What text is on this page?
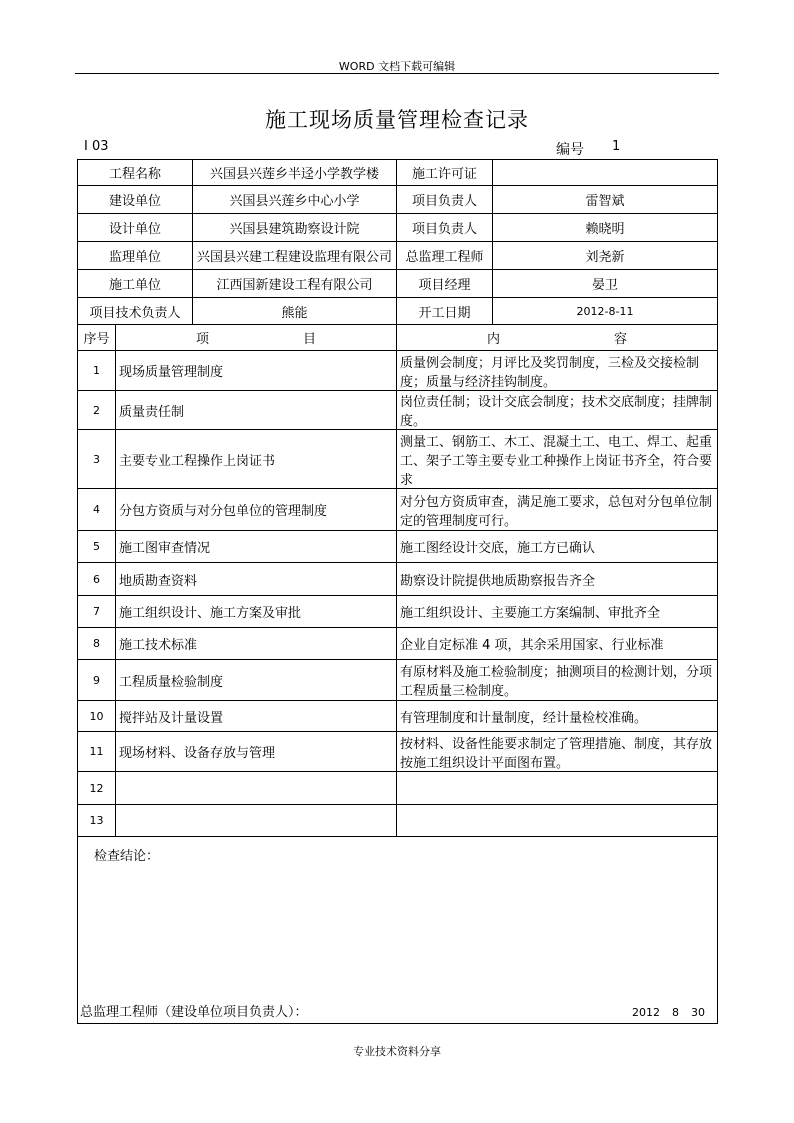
WORD 文档下载可编辑
施工现场质量管理检查记录
I 03	编号 1
工程名称		兴国县兴莲乡半迳小学教学楼	施工许可证	
建设单位		兴国县兴莲乡中心小学	项目负责人	雷智斌
设计单位		兴国县建筑勘察设计院	项目负责人	赖晓明
监理单位		兴国县兴建工程建设监理有限公司	总监理工程师	刘尧新
施工单位		江西国新建设工程有限公司	项目经理	晏卫
项目技术负责人		熊能	开工日期	2012-8-11
序号	项 目		内 容	

1	现场质量管理制度		质量例会制度；月评比及奖罚制度，三检及交接检制度；质量与经济挂钩制度。	
2	质量责任制		岗位责任制；设计交底会制度；技术交底制度；挂牌制度。	
3	主要专业工程操作上岗证书		测量工、钢筋工、木工、混凝土工、电工、焊工、起重工、架子工等主要专业工种操作上岗证书齐全，符合要求	
4	分包方资质与对分包单位的管理制度		对分包方资质审查，满足施工要求，总包对分包单位制定的管理制度可行。	
5	施工图审查情况		施工图经设计交底，施工方已确认	
6	地质勘查资料		勘察设计院提供地质勘察报告齐全	
7	施工组织设计、施工方案及审批		施工组织设计、主要施工方案编制、审批齐全	
8	施工技术标准		企业自定标准 4 项，其余采用国家、行业标准	
9	工程质量检验制度		有原材料及施工检验制度；抽测项目的检测计划，分项工程质量三检制度。	
10	搅拌站及计量设置		有管理制度和计量制度，经计量检校准确。	
11	现场材料、设备存放与管理		按材料、设备性能要求制定了管理措施、制度，其存放按施工组织设计平面图布置。	
12				
13				

检查结论：
总监理工程师（建设单位项目负责人）： 2012 8 30				
专业技术资料分享
